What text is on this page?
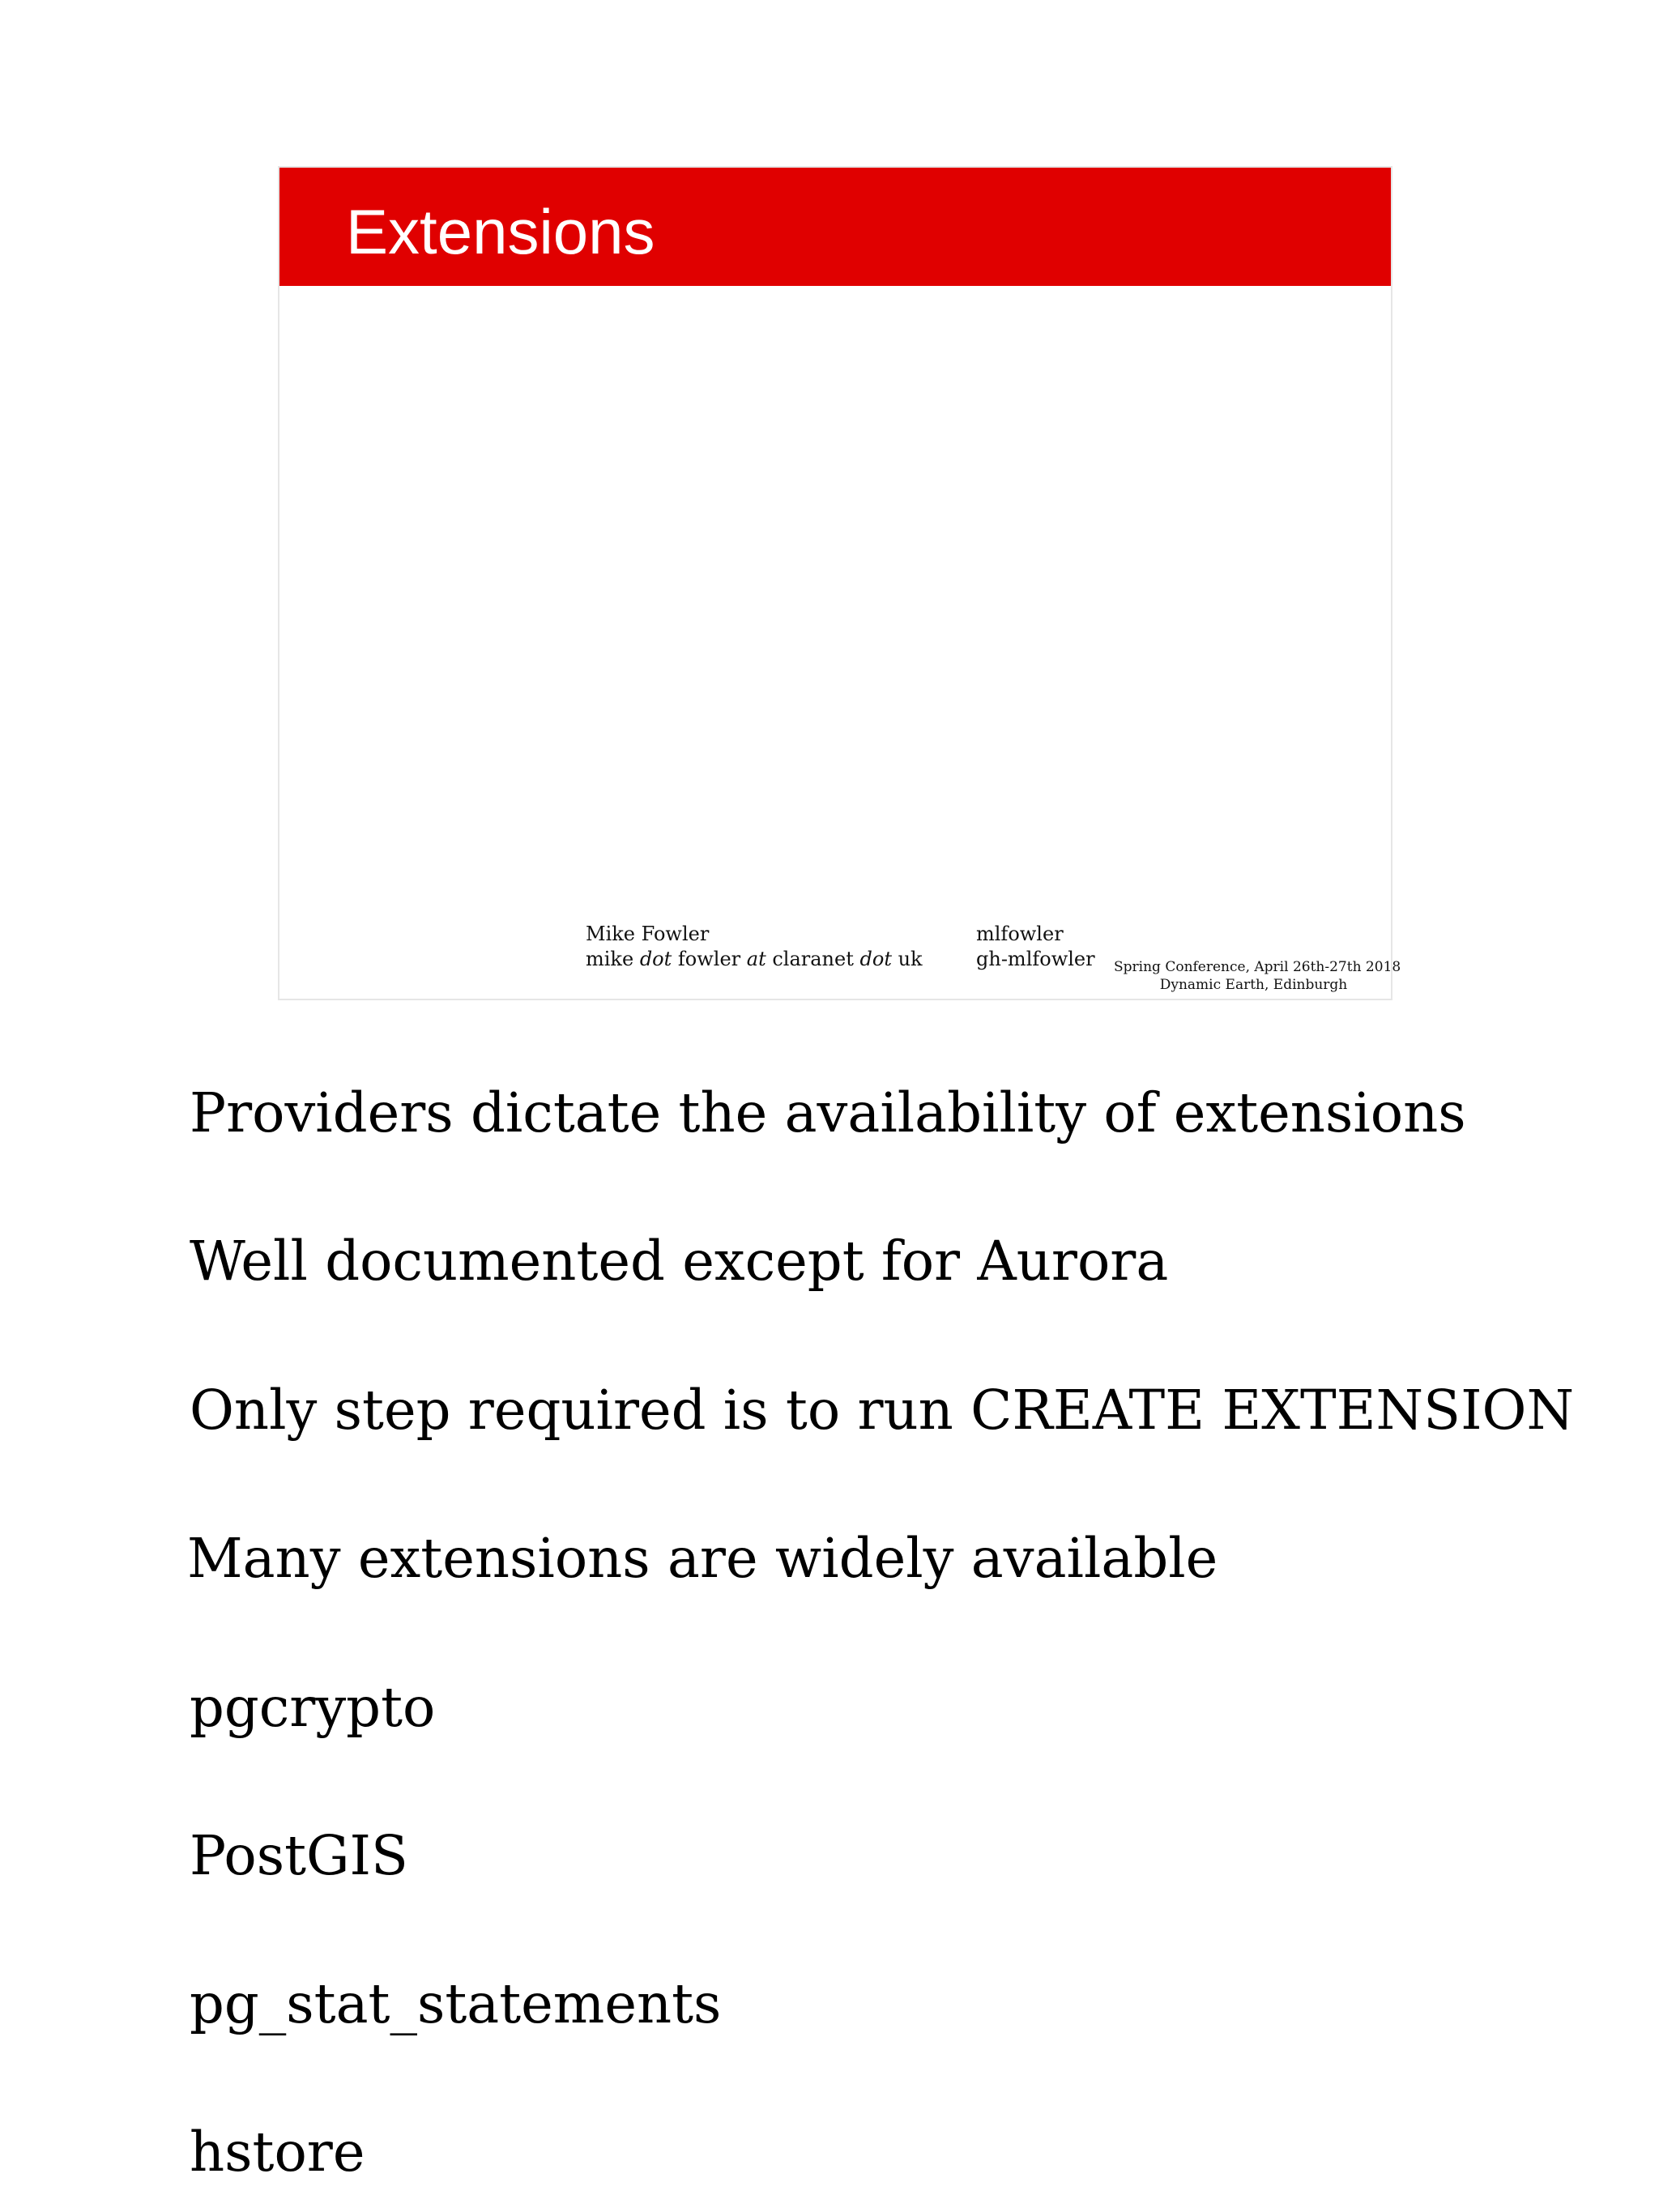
Extensions
Mike Fowler
mike dot fowler at claranet dot uk
mlfowler
gh-mlfowler Spring Conference, April 26th-27th 2018
Dynamic Earth, Edinburgh
Providers dictate the availability of extensions
Well documented except for Aurora
Only step required is to run CREATE EXTENSION
Many extensions are widely available
pgcrypto
PostGIS
pg_stat_statements
hstore
